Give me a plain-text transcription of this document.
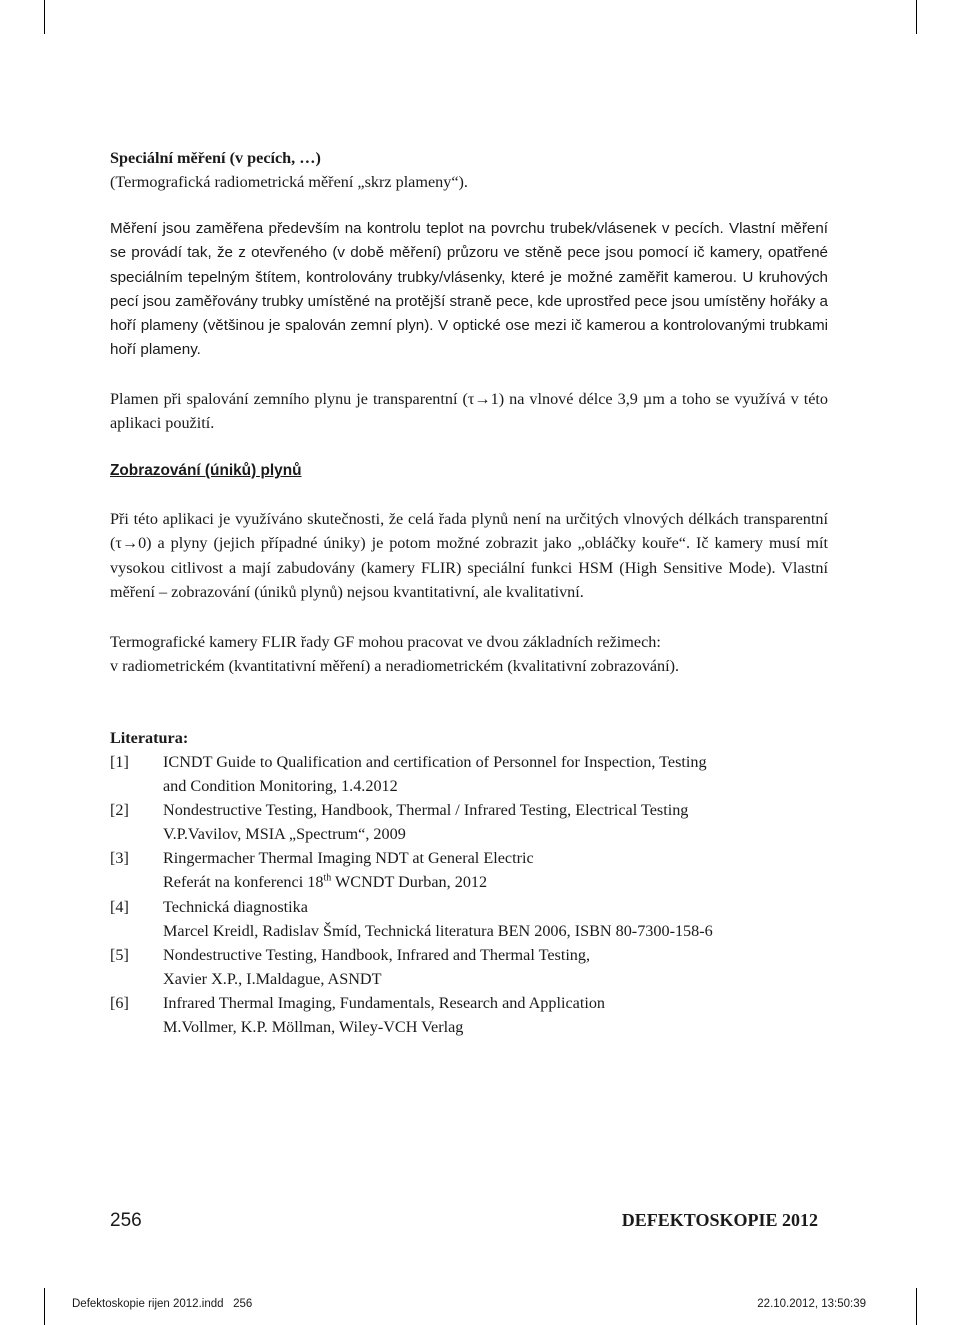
Speciální měření (v pecích, …)
(Termografická radiometrická měření „skrz plameny“).

Měření jsou zaměřena především na kontrolu teplot na povrchu trubek/vlásenek v pecích. Vlastní měření se provádí tak, že z otevřeného (v době měření) průzoru ve stěně pece jsou pomocí ič kamery, opatřené speciálním tepelným štítem, kontrolovány trubky/vlásenky, které je možné zaměřit kamerou. U kruhových pecí jsou zaměřovány trubky umístěné na protější straně pece, kde uprostřed pece jsou umístěny hořáky a hoří plameny (většinou je spalován zemní plyn). V optické ose mezi ič kamerou a kontrolovanými trubkami hoří plameny.

Plamen při spalování zemního plynu je transparentní (τ→1) na vlnové délce 3,9 µm a toho se využívá v této aplikaci použití.

Zobrazování (úniků) plynů

Při této aplikaci je využíváno skutečnosti, že celá řada plynů není na určitých vlnových délkách transparentní (τ→0) a plyny (jejich případné úniky) je potom možné zobrazit jako „obláčky kouře“. Ič kamery musí mít vysokou citlivost a mají zabudovány (kamery FLIR) speciální funkci HSM (High Sensitive Mode). Vlastní měření – zobrazování (úniků plynů) nejsou kvantitativní, ale kvalitativní.

Termografické kamery FLIR řady GF mohou pracovat ve dvou základních režimech:
v radiometrickém (kvantitativní měření) a neradiometrickém (kvalitativní zobrazování).
Literatura:
[1] ICNDT Guide to Qualification and certification of Personnel for Inspection, Testing
and Condition Monitoring, 1.4.2012
[2] Nondestructive Testing, Handbook, Thermal / Infrared Testing, Electrical Testing
V.P.Vavilov, MSIA „Spectrum“, 2009
[3] Ringermacher Thermal Imaging NDT at General Electric
Referát na konferenci 18th WCNDT Durban, 2012
[4] Technická diagnostika
Marcel Kreidl, Radislav Šmíd, Technická literatura BEN 2006, ISBN 80-7300-158-6
[5] Nondestructive Testing, Handbook, Infrared and Thermal Testing,
Xavier X.P., I.Maldague, ASNDT
[6] Infrared Thermal Imaging, Fundamentals, Research and Application
M.Vollmer, K.P. Möllman, Wiley-VCH Verlag
256	DEFEKTOSKOPIE 2012
Defektoskopie rijen 2012.indd   256	22.10.2012, 13:50:39
